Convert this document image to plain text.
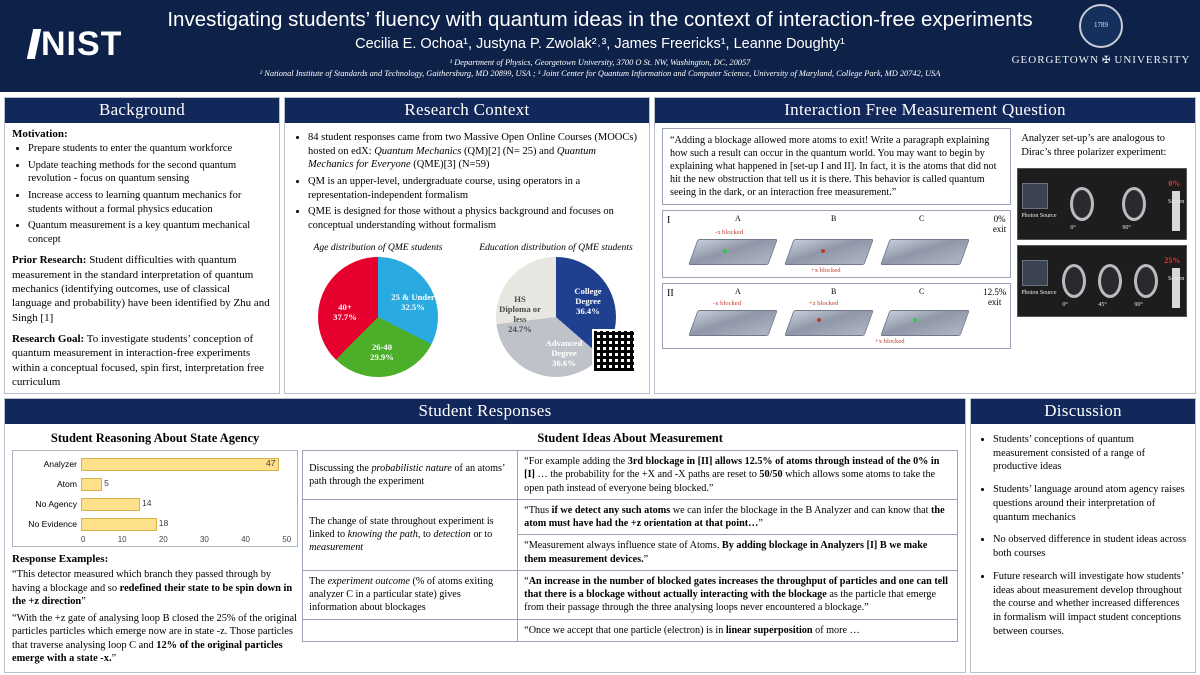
NIST
Investigating students’ fluency with quantum ideas in the context of interaction-free experiments
Cecilia E. Ochoa¹, Justyna P. Zwolak²˒³, James Freericks¹, Leanne Doughty¹
¹ Department of Physics, Georgetown University, 3700 O St. NW, Washington, DC, 20057
² National Institute of Standards and Technology, Gaithersburg, MD 20899, USA ; ³ Joint Center for Quantum Information and Computer Science, University of Maryland, College Park, MD 20742, USA
1789
GEORGETOWN ✠ UNIVERSITY
Background
Motivation:
• Prepare students to enter the quantum workforce
• Update teaching methods for the second quantum revolution - focus on quantum sensing
• Increase access to learning quantum mechanics for students without a formal physics education
• Quantum measurement is a key quantum mechanical concept
Prior Research: Student difficulties with quantum measurement in the standard interpretation of quantum mechanics (identifying outcomes, use of classical language and probability) have been identified by Zhu and Singh [1]
Research Goal: To investigate students’ conception of quantum measurement in interaction-free experiments within a conceptual focused, spin first, interpretation free curriculum
Research Context
• 84 student responses came from two Massive Open Online Courses (MOOCs) hosted on edX: Quantum Mechanics (QM)[2] (N= 25) and Quantum Mechanics for Everyone (QME)[3] (N=59)
• QM is an upper-level, undergraduate course, using operators in a representation-independent formalism
• QME is designed for those without a physics background and focuses on conceptual understanding without formalism
Age distribution of QME students
40+
37.7%
25 & Under
32.5%
26-40
29.9%
Education distribution of QME students
College
Degree
36.4%
Advanced
Degree
36.6%
HS
Diploma or
less
24.7%
Interaction Free Measurement Question
“Adding a blockage allowed more atoms to exit! Write a paragraph explaining how such a result can occur in the quantum world. You may want to begin by explaining what happened in [set-up I and II]. In fact, it is the atoms that did not hit the new obstruction that tell us it is there. This behavior is called quantum seeing in the dark, or an interaction free measurement.”
I	A	B	C	0%
exit
-x blocked
+x blocked
II	A	B	C	12.5%
exit
-x blocked	+z blocked
+x blocked
Analyzer set-up’s are analogous to Dirac’s three polarizer experiment:
0°	90°
0%
Photon Source
Screen
0°	45°	90°
25%
Photon Source
Screen
Student Responses
Student Reasoning About State Agency
Analyzer	47
Atom	5
No Agency	14
No Evidence	18
0	10	20	30	40	50
Response Examples:
“This detector measured which branch they passed through by having a blockage and so redefined their state to be spin down in the +z direction”
“With the +z gate of analysing loop B closed the 25% of the original particles particles which emerge now are in state -z. Those particles that traverse analysing loop C and 12% of the original particles emerge with a state -x.”
Student Ideas About Measurement
Discussing the probabilistic nature of an atoms’ path through the experiment	“For example adding the 3rd blockage in [II] allows 12.5% of atoms through instead of the 0% in [I] … the probability for the +X and -X paths are reset to 50/50 which allows some atoms to take the open path instead of everyone being blocked.”
The change of state throughout experiment is linked to knowing the path, to detection or to measurement	“Thus if we detect any such atoms we can infer the blockage in the B Analyzer and can know that the atom must have had the +z orientation at that point…”
	“Measurement always influence state of Atoms. By adding blockage in Analyzers [I] B we make them measurement devices.”
The experiment outcome (% of atoms exiting analyzer C in a particular state) gives information about blockages	“An increase in the number of blocked gates increases the throughput of particles and one can tell that there is a blockage without actually interacting with the blockage as the particle that emerge from their passage through the three analysing loops never encountered a blockage.”
	“Once we accept that one particle (electron) is in linear superposition of more …
Discussion
• Students’ conceptions of quantum measurement consisted of a range of productive ideas
• Students’ language around atom agency raises questions around their interpretation of quantum mechanics
• No observed difference in student ideas across both courses
• Future research will investigate how students’ ideas about measurement develop throughout the course and whether increased differences in formalism will impact student conceptions between courses.
